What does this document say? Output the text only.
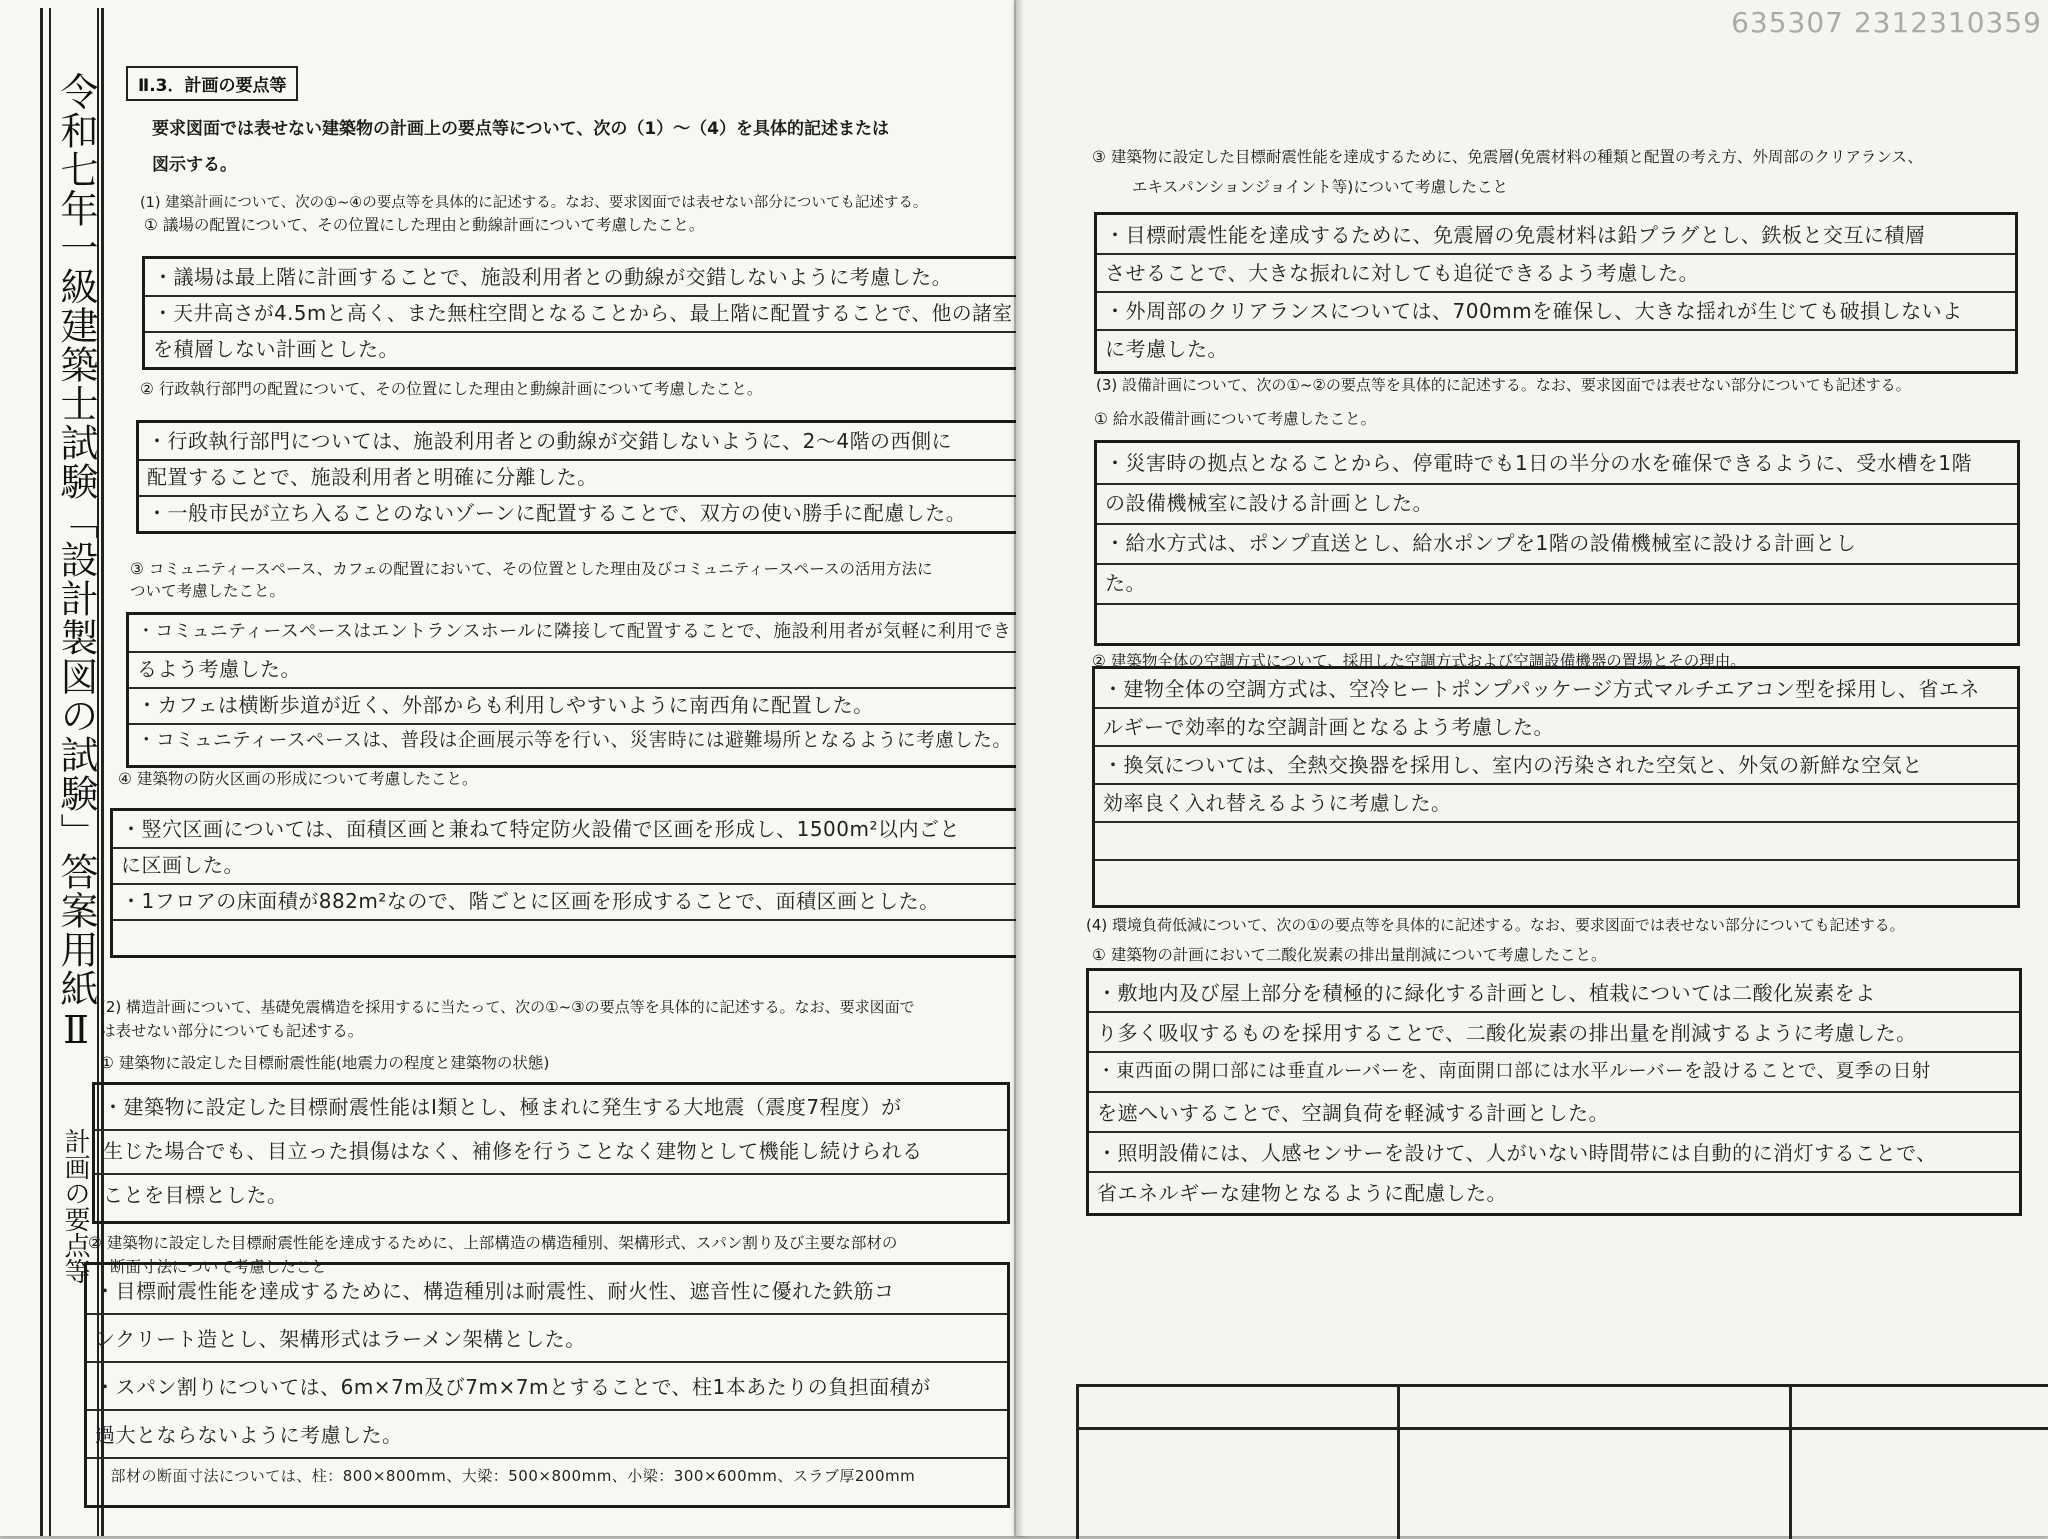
令和七年一級建築士試験「設計製図の試験」答案用紙Ⅱ
計画の要点等
Ⅱ.3．計画の要点等
要求図面では表せない建築物の計画上の要点等について、次の（1）～（4）を具体的記述または
図示する。
(1) 建築計画について、次の①~④の要点等を具体的に記述する。なお、要求図面では表せない部分についても記述する。
① 議場の配置について、その位置にした理由と動線計画について考慮したこと。
・議場は最上階に計画することで、施設利用者との動線が交錯しないように考慮した。
・天井高さが4.5mと高く、また無柱空間となることから、最上階に配置することで、他の諸室
を積層しない計画とした。
② 行政執行部門の配置について、その位置にした理由と動線計画について考慮したこと。
・行政執行部門については、施設利用者との動線が交錯しないように、2～4階の西側に
配置することで、施設利用者と明確に分離した。
・一般市民が立ち入ることのないゾーンに配置することで、双方の使い勝手に配慮した。
③ コミュニティースペース、カフェの配置において、その位置とした理由及びコミュニティースペースの活用方法に
ついて考慮したこと。
・コミュニティースペースはエントランスホールに隣接して配置することで、施設利用者が気軽に利用でき
るよう考慮した。
・カフェは横断歩道が近く、外部からも利用しやすいように南西角に配置した。
・コミュニティースペースは、普段は企画展示等を行い、災害時には避難場所となるように考慮した。
④ 建築物の防火区画の形成について考慮したこと。
・竪穴区画については、面積区画と兼ねて特定防火設備で区画を形成し、1500m²以内ごと
に区画した。
・1フロアの床面積が882m²なので、階ごとに区画を形成することで、面積区画とした。
(2) 構造計画について、基礎免震構造を採用するに当たって、次の①~③の要点等を具体的に記述する。なお、要求図面で
は表せない部分についても記述する。
① 建築物に設定した目標耐震性能(地震力の程度と建築物の状態)
・建築物に設定した目標耐震性能はⅠ類とし、極まれに発生する大地震（震度7程度）が
生じた場合でも、目立った損傷はなく、補修を行うことなく建物として機能し続けられる
ことを目標とした。
② 建築物に設定した目標耐震性能を達成するために、上部構造の構造種別、架構形式、スパン割り及び主要な部材の
断面寸法について考慮したこと
・目標耐震性能を達成するために、構造種別は耐震性、耐火性、遮音性に優れた鉄筋コ
ンクリート造とし、架構形式はラーメン架構とした。
・スパン割りについては、6m×7m及び7m×7mとすることで、柱1本あたりの負担面積が
過大とならないように考慮した。
・部材の断面寸法については、柱：800×800mm、大梁：500×800mm、小梁：300×600mm、スラブ厚200mm
635307 2312310359
③ 建築物に設定した目標耐震性能を達成するために、免震層(免震材料の種類と配置の考え方、外周部のクリアランス、
エキスパンションジョイント等)について考慮したこと
・目標耐震性能を達成するために、免震層の免震材料は鉛プラグとし、鉄板と交互に積層
させることで、大きな振れに対しても追従できるよう考慮した。
・外周部のクリアランスについては、700mmを確保し、大きな揺れが生じても破損しないよ
に考慮した。
(3) 設備計画について、次の①~②の要点等を具体的に記述する。なお、要求図面では表せない部分についても記述する。
① 給水設備計画について考慮したこと。
・災害時の拠点となることから、停電時でも1日の半分の水を確保できるように、受水槽を1階
の設備機械室に設ける計画とした。
・給水方式は、ポンプ直送とし、給水ポンプを1階の設備機械室に設ける計画とし
た。
② 建築物全体の空調方式について、採用した空調方式および空調設備機器の置場とその理由。
・建物全体の空調方式は、空冷ヒートポンプパッケージ方式マルチエアコン型を採用し、省エネ
ルギーで効率的な空調計画となるよう考慮した。
・換気については、全熱交換器を採用し、室内の汚染された空気と、外気の新鮮な空気と
効率良く入れ替えるように考慮した。
(4) 環境負荷低減について、次の①の要点等を具体的に記述する。なお、要求図面では表せない部分についても記述する。
① 建築物の計画において二酸化炭素の排出量削減について考慮したこと。
・敷地内及び屋上部分を積極的に緑化する計画とし、植栽については二酸化炭素をよ
り多く吸収するものを採用することで、二酸化炭素の排出量を削減するように考慮した。
・東西面の開口部には垂直ルーバーを、南面開口部には水平ルーバーを設けることで、夏季の日射
を遮へいすることで、空調負荷を軽減する計画とした。
・照明設備には、人感センサーを設けて、人がいない時間帯には自動的に消灯することで、
省エネルギーな建物となるように配慮した。
